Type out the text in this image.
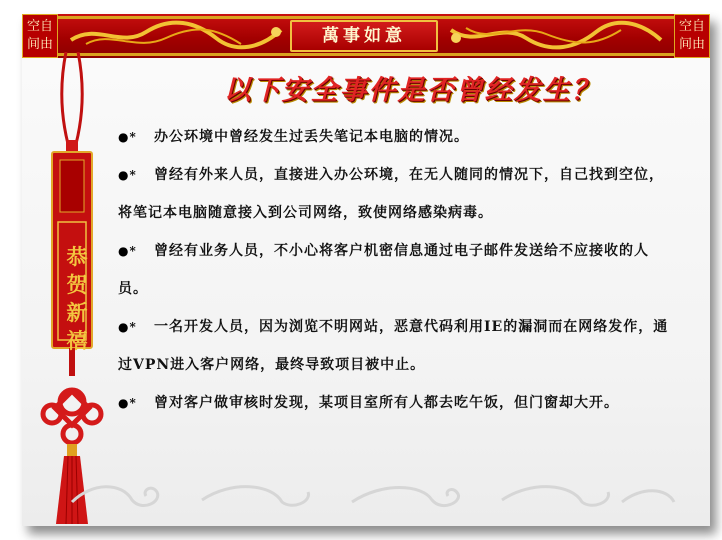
空自
间由
空自
间由
萬事如意
以下安全事件是否曾经发生？
恭
贺
新
禧

●* 办公环境中曾经发生过丢失笔记本电脑的情况。

●* 曾经有外来人员，直接进入办公环境，在无人随同的情况下，自己找到空位，将笔记本电脑随意接入到公司网络，致使网络感染病毒。

●* 曾经有业务人员，不小心将客户机密信息通过电子邮件发送给不应接收的人员。

●* 一名开发人员，因为浏览不明网站，恶意代码利用IE的漏洞而在网络发作，通过VPN进入客户网络，最终导致项目被中止。

●* 曾对客户做审核时发现，某项目室所有人都去吃午饭，但门窗却大开。
